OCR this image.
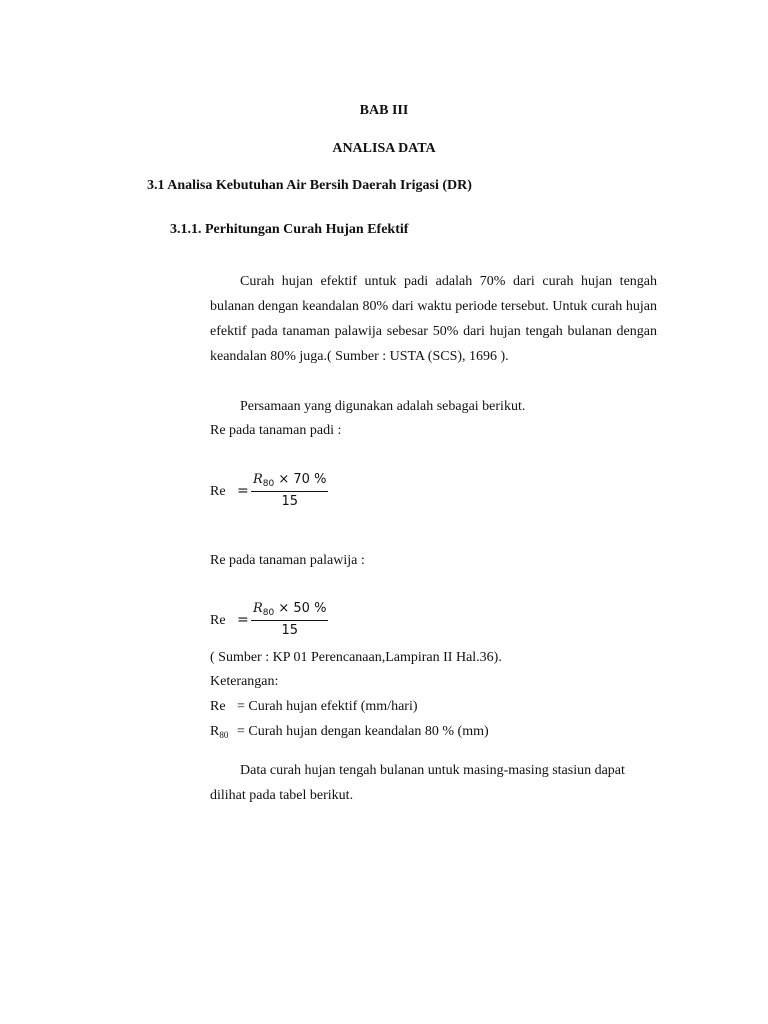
BAB III
ANALISA DATA
3.1 Analisa Kebutuhan Air Bersih Daerah Irigasi (DR)
3.1.1. Perhitungan Curah Hujan Efektif
Curah hujan efektif untuk padi adalah 70% dari curah hujan tengah bulanan dengan keandalan 80% dari waktu periode tersebut. Untuk curah hujan efektif pada tanaman palawija sebesar 50% dari hujan tengah bulanan dengan keandalan 80% juga.( Sumber : USTA (SCS), 1696 ).
Persamaan yang digunakan adalah sebagai berikut.
Re pada tanaman padi :
$Re = \frac{R_{80} \times 70 \%}{15}$
Re pada tanaman palawija :
$Re = \frac{R_{80} \times 50 \%}{15}$
( Sumber : KP 01 Perencanaan,Lampiran II Hal.36).
Keterangan:
Re = Curah hujan efektif (mm/hari)
$R_{80}$ = Curah hujan dengan keandalan 80 % (mm)
Data curah hujan tengah bulanan untuk masing-masing stasiun dapat dilihat pada tabel berikut.
